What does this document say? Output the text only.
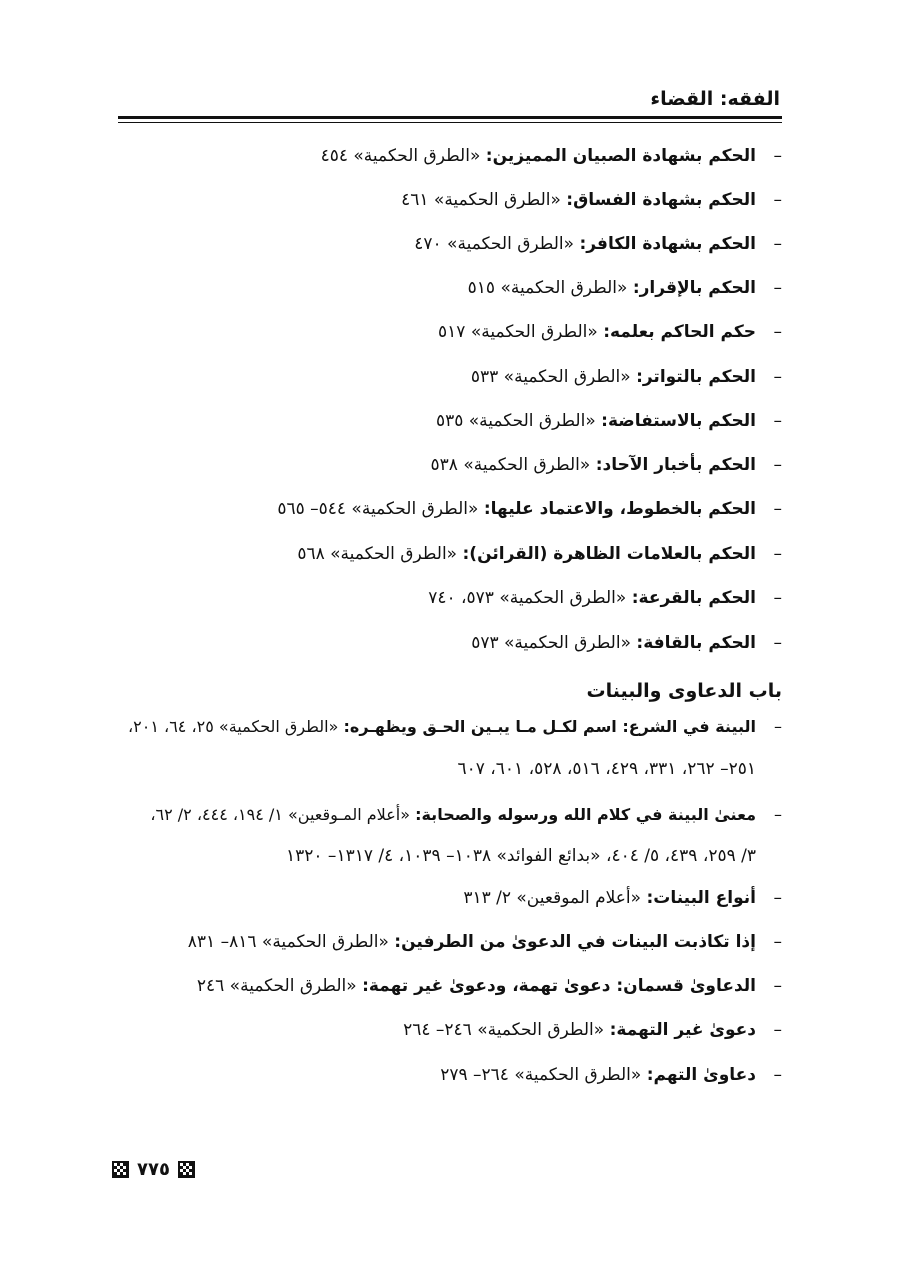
الفقه: القضاء
–الحكم بشهادة الصبيان المميزين: «الطرق الحكمية» ٤٥٤
–الحكم بشهادة الفساق: «الطرق الحكمية» ٤٦١
–الحكم بشهادة الكافر: «الطرق الحكمية» ٤٧٠
–الحكم بالإقرار: «الطرق الحكمية» ٥١٥
–حكم الحاكم بعلمه: «الطرق الحكمية» ٥١٧
–الحكم بالتواتر: «الطرق الحكمية» ٥٣٣
–الحكم بالاستفاضة: «الطرق الحكمية» ٥٣٥
–الحكم بأخبار الآحاد: «الطرق الحكمية» ٥٣٨
–الحكم بالخطوط، والاعتماد عليها: «الطرق الحكمية» ٥٤٤– ٥٦٥
–الحكم بالعلامات الظاهرة (القرائن): «الطرق الحكمية» ٥٦٨
–الحكم بالقرعة: «الطرق الحكمية» ٥٧٣، ٧٤٠
–الحكم بالقافة: «الطرق الحكمية» ٥٧٣
باب الدعاوى والبينات
–البينة في الشرع: اسم لكـل مـا يبـين الحـق ويظهـره: «الطرق الحكمية» ٢٥، ٦٤، ٢٠١،
٢٥١– ٢٦٢، ٣٣١، ٤٢٩، ٥١٦، ٥٢٨، ٦٠١، ٦٠٧
–معنىٰ البينة في كلام الله ورسوله والصحابة: «أعلام المـوقعين» ١/ ١٩٤، ٤٤٤، ٢/ ٦٢،
٣/ ٢٥٩، ٤٣٩، ٥/ ٤٠٤، «بدائع الفوائد» ١٠٣٨– ١٠٣٩، ٤/ ١٣١٧– ١٣٢٠
–أنواع البينات: «أعلام الموقعين» ٢/ ٣١٣
–إذا تكاذبت البينات في الدعوىٰ من الطرفين: «الطرق الحكمية» ٨١٦– ٨٣١
–الدعاوىٰ قسمان: دعوىٰ تهمة، ودعوىٰ غير تهمة: «الطرق الحكمية» ٢٤٦
–دعوىٰ غير التهمة: «الطرق الحكمية» ٢٤٦– ٢٦٤
–دعاوىٰ التهم: «الطرق الحكمية» ٢٦٤– ٢٧٩
٧٧٥
